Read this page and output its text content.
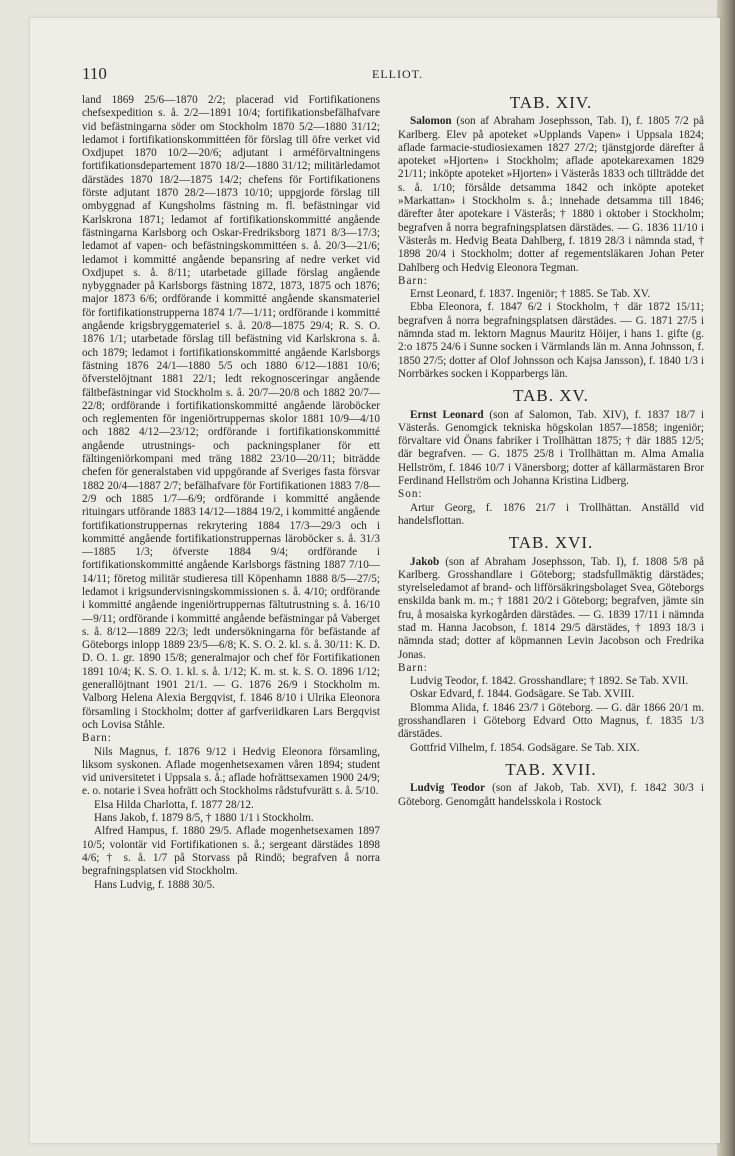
110	ELLIOT.

land 1869 25/6—1870 2/2; placerad vid Fortifikationens chefsexpedition s. å. 2/2—1891 10/4; fortifikationsbefälhafvare vid befästningarna söder om Stockholm 1870 5/2—1880 31/12; ledamot i fortifikationskommittéen för förslag till öfre verket vid Oxdjupet 1870 10/2—20/6; adjutant i arméförvaltningens fortifikationsdepartement 1870 18/2—1880 31/12; militärledamot därstädes 1870 18/2—1875 14/2; chefens för Fortifikationens förste adjutant 1870 28/2—1873 10/10; uppgjorde förslag till ombyggnad af Kungsholms fästning m. fl. befästningar vid Karlskrona 1871; ledamot af fortifikationskommitté angående fästningarna Karlsborg och Oskar-Fredriksborg 1871 8/3—17/3; ledamot af vapen- och befästningskommittéen s. å. 20/3—21/6; ledamot i kommitté angående bepansring af nedre verket vid Oxdjupet s. å. 8/11; utarbetade gillade förslag angående nybyggnader på Karlsborgs fästning 1872, 1873, 1875 och 1876; major 1873 6/6; ordförande i kommitté angående skansmateriel för fortifikationstrupperna 1874 1/7—1/11; ordförande i kommitté angående krigsbryggemateriel s. å. 20/8—1875 29/4; R. S. O. 1876 1/1; utarbetade förslag till befästning vid Karlskrona s. å. och 1879; ledamot i fortifikationskommitté angående Karlsborgs fästning 1876 24/1—1880 5/5 och 1880 6/12—1881 10/6; öfverstelöjtnant 1881 22/1; ledt rekognosceringar angående fältbefästningar vid Stockholm s. å. 20/7—20/8 och 1882 20/7—22/8; ordförande i fortifikationskommitté angående läroböcker och reglementen för ingeniörtruppernas skolor 1881 10/9—4/10 och 1882 4/12—23/12; ordförande i fortifikationskommitté angående utrustnings- och packningsplaner för ett fältingeniörkompani med träng 1882 23/10—20/11; biträdde chefen för generalstaben vid uppgörande af Sveriges fasta försvar 1882 20/4—1887 2/7; befälhafvare för Fortifikationen 1883 7/8—2/9 och 1885 1/7—6/9; ordförande i kommitté angående rituingars utförande 1883 14/12—1884 19/2, i kommitté angående fortifikationstruppernas rekrytering 1884 17/3—29/3 och i kommitté angående fortifikationstruppernas läroböcker s. å. 31/3—1885 1/3; öfverste 1884 9/4; ordförande i fortifikationskommitté angående Karlsborgs fästning 1887 7/10—14/11; företog militär studieresa till Köpenhamn 1888 8/5—27/5; ledamot i krigsundervisningskommissionen s. å. 4/10; ordförande i kommitté angående ingeniörtruppernas fältutrustning s. å. 16/10—9/11; ordförande i kommitté angående befästningar på Vaberget s. å. 8/12—1889 22/3; ledt undersökningarna för befästande af Göteborgs inlopp 1889 23/5—6/8; K. S. O. 2. kl. s. å. 30/11: K. D. D. O. 1. gr. 1890 15/8; generalmajor och chef för Fortifikationen 1891 10/4; K. S. O. 1. kl. s. å. 1/12; K. m. st. k. S. O. 1896 1/12; generallöjtnant 1901 21/1. — G. 1876 26/9 i Stockholm m. Valborg Helena Alexia Bergqvist, f. 1846 8/10 i Ulrika Eleonora församling i Stockholm; dotter af garfveriidkaren Lars Bergqvist och Lovisa Ståhle.

Barn:

Nils Magnus, f. 1876 9/12 i Hedvig Eleonora församling, liksom syskonen. Aflade mogenhetsexamen våren 1894; student vid universitetet i Uppsala s. å.; aflade hofrättsexamen 1900 24/9; e. o. notarie i Svea hofrätt och Stockholms rådstufvurätt s. å. 5/10.

Elsa Hilda Charlotta, f. 1877 28/12.

Hans Jakob, f. 1879 8/5, † 1880 1/1 i Stockholm.

Alfred Hampus, f. 1880 29/5. Aflade mogenhetsexamen 1897 10/5; volontär vid Fortifikationen s. å.; sergeant därstädes 1898 4/6; † s. å. 1/7 på Storvass på Rindö; begrafven å norra begrafningsplatsen vid Stockholm.

Hans Ludvig, f. 1888 30/5.

TAB. XIV.

Salomon (son af Abraham Josephsson, Tab. I), f. 1805 7/2 på Karlberg. Elev på apoteket »Upplands Vapen» i Uppsala 1824; aflade farmacie-studiosiexamen 1827 27/2; tjänstgjorde därefter å apoteket »Hjorten» i Stockholm; aflade apotekarexamen 1829 21/11; inköpte apoteket »Hjorten» i Västerås 1833 och tillträdde det s. å. 1/10; försålde detsamma 1842 och inköpte apoteket »Markattan» i Stockholm s. å.; innehade detsamma till 1846; därefter åter apotekare i Västerås; † 1880 i oktober i Stockholm; begrafven å norra begrafningsplatsen därstädes. — G. 1836 11/10 i Västerås m. Hedvig Beata Dahlberg, f. 1819 28/3 i nämnda stad, † 1898 20/4 i Stockholm; dotter af regementsläkaren Johan Peter Dahlberg och Hedvig Eleonora Tegman.

Barn:

Ernst Leonard, f. 1837. Ingeniör; † 1885. Se Tab. XV.

Ebba Eleonora, f. 1847 6/2 i Stockholm, † där 1872 15/11; begrafven å norra begrafningsplatsen därstädes. — G. 1871 27/5 i nämnda stad m. lektorn Magnus Mauritz Höijer, i hans 1. gifte (g. 2:o 1875 24/6 i Sunne socken i Värmlands län m. Anna Johnsson, f. 1850 27/5; dotter af Olof Johnsson och Kajsa Jansson), f. 1840 1/3 i Norrbärkes socken i Kopparbergs län.

TAB. XV.

Ernst Leonard (son af Salomon, Tab. XIV), f. 1837 18/7 i Västerås. Genomgick tekniska högskolan 1857—1858; ingeniör; förvaltare vid Önans fabriker i Trollhättan 1875; † där 1885 12/5; där begrafven. — G. 1875 25/8 i Trollhättan m. Alma Amalia Hellström, f. 1846 10/7 i Vänersborg; dotter af källarmästaren Bror Ferdinand Hellström och Johanna Kristina Lidberg.

Son:

Artur Georg, f. 1876 21/7 i Trollhättan. Anställd vid handelsflottan.

TAB. XVI.

Jakob (son af Abraham Josephsson, Tab. I), f. 1808 5/8 på Karlberg. Grosshandlare i Göteborg; stadsfullmäktig därstädes; styrelseledamot af brand- och lifförsäkringsbolaget Svea, Göteborgs enskilda bank m. m.; † 1881 20/2 i Göteborg; begrafven, jämte sin fru, å mosaiska kyrkogården därstädes. — G. 1839 17/11 i nämnda stad m. Hanna Jacobson, f. 1814 29/5 därstädes, † 1893 18/3 i nämnda stad; dotter af köpmannen Levin Jacobson och Fredrika Jonas.

Barn:

Ludvig Teodor, f. 1842. Grosshandlare; † 1892. Se Tab. XVII.

Oskar Edvard, f. 1844. Godsägare. Se Tab. XVIII.

Blomma Alida, f. 1846 23/7 i Göteborg. — G. där 1866 20/1 m. grosshandlaren i Göteborg Edvard Otto Magnus, f. 1835 1/3 därstädes.

Gottfrid Vilhelm, f. 1854. Godsägare. Se Tab. XIX.

TAB. XVII.

Ludvig Teodor (son af Jakob, Tab. XVI), f. 1842 30/3 i Göteborg. Genomgått handelsskola i Rostock
